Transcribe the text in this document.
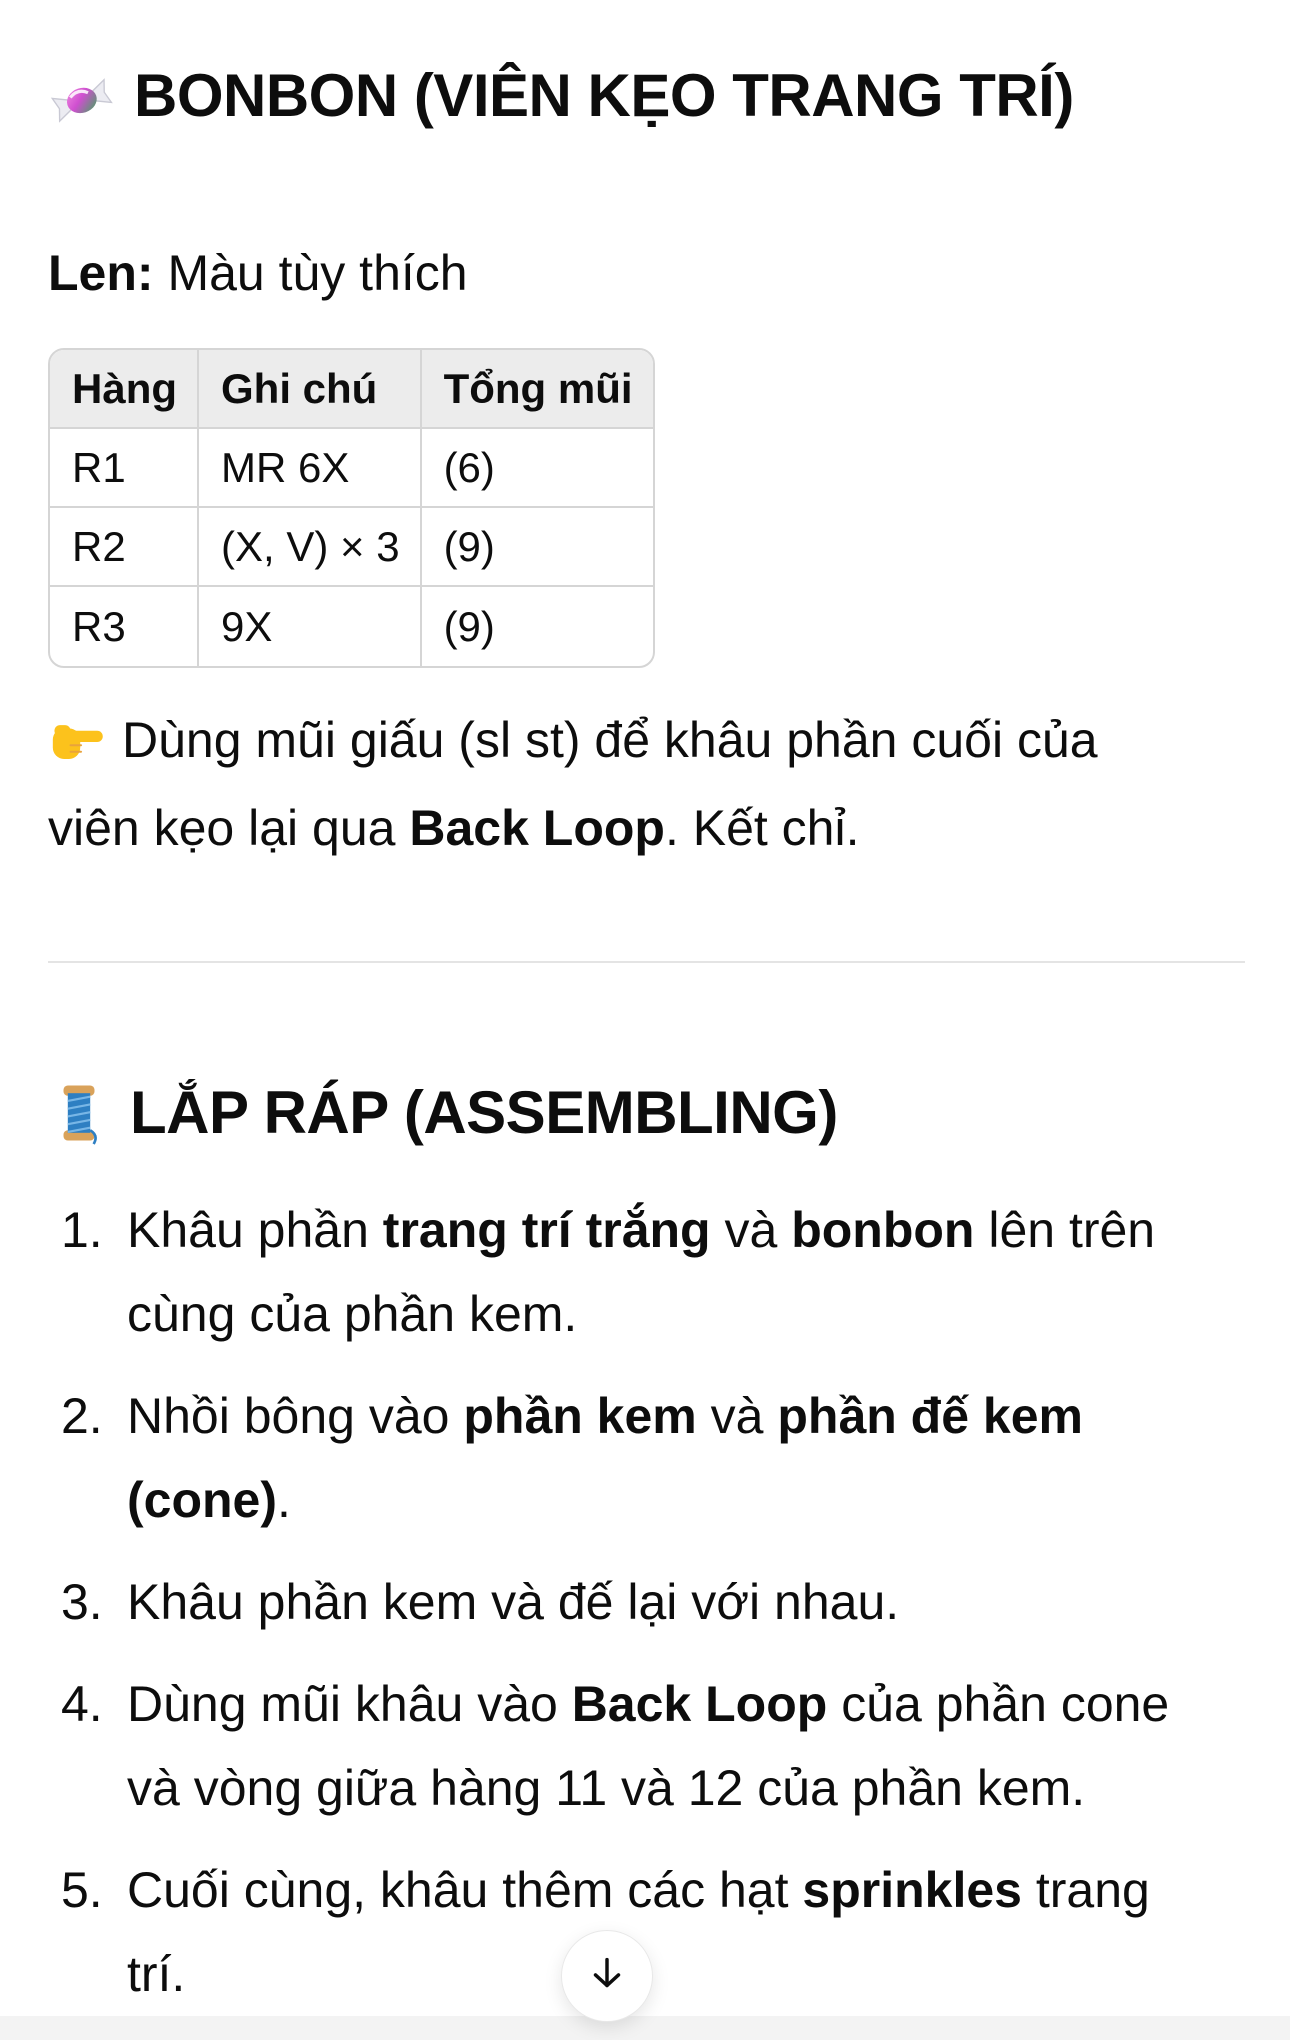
BONBON (VIÊN KẸO TRANG TRÍ)

Len: Màu tùy thích

Hàng	Ghi chú	Tổng mũi
R1	MR 6X	(6)
R2	(X, V) × 3	(9)
R3	9X	(9)

Dùng mũi giấu (sl st) để khâu phần cuối của
viên kẹo lại qua Back Loop. Kết chỉ.

LẮP RÁP (ASSEMBLING)
1. Khâu phần trang trí trắng và bonbon lên trên
cùng của phần kem.
2. Nhồi bông vào phần kem và phần đế kem
(cone).
3. Khâu phần kem và đế lại với nhau.
4. Dùng mũi khâu vào Back Loop của phần cone
và vòng giữa hàng 11 và 12 của phần kem.
5. Cuối cùng, khâu thêm các hạt sprinkles trang
trí.
